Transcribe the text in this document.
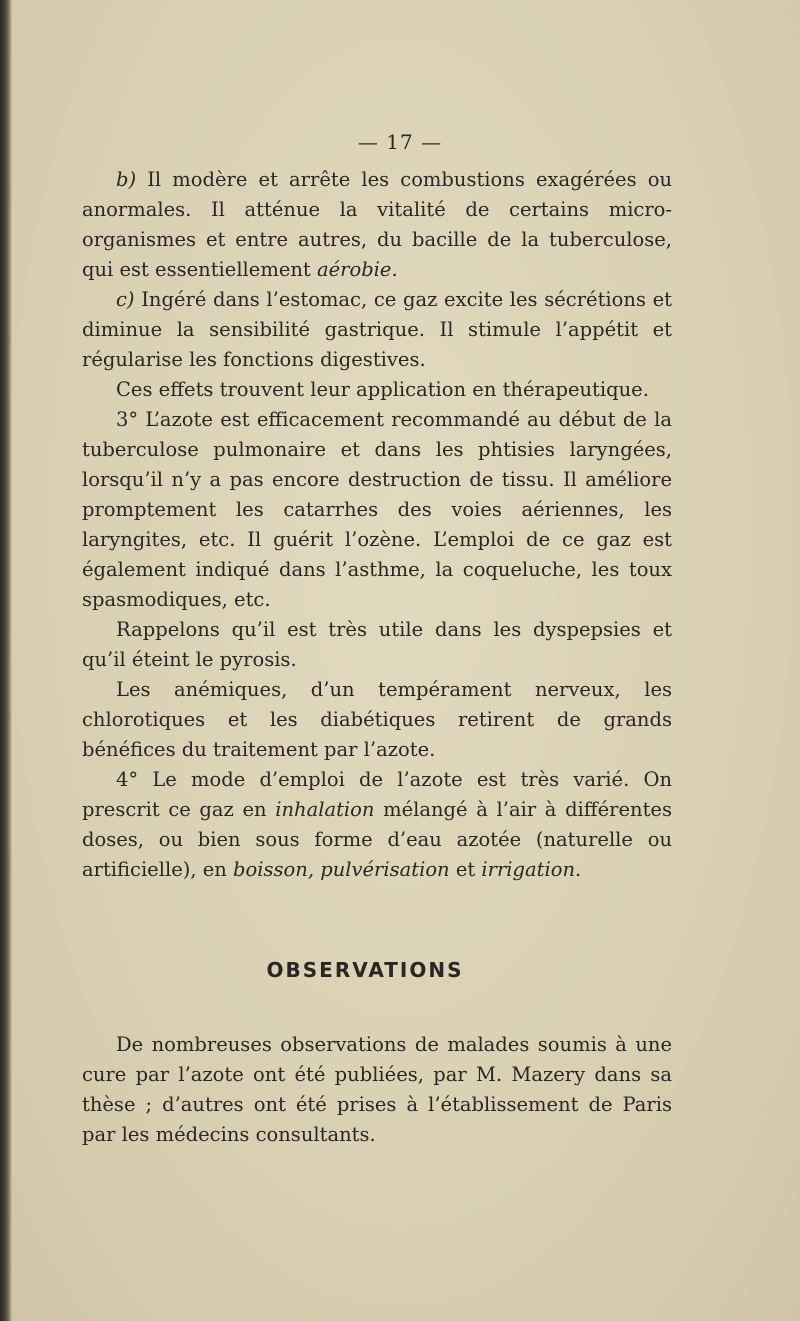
— 17 —

b) Il modère et arrête les combustions exagérées ou anormales. Il atténue la vitalité de certains micro-organismes et entre autres, du bacille de la tuberculose, qui est essentiellement aérobie.

c) Ingéré dans l’estomac, ce gaz excite les sécrétions et diminue la sensibilité gastrique. Il stimule l’appétit et régularise les fonctions digestives.

Ces effets trouvent leur application en thérapeutique.

3° L’azote est efficacement recommandé au début de la tuberculose pulmonaire et dans les phtisies laryngées, lorsqu’il n’y a pas encore destruction de tissu. Il améliore promptement les catarrhes des voies aériennes, les laryngites, etc. Il guérit l’ozène. L’emploi de ce gaz est également indiqué dans l’asthme, la coqueluche, les toux spasmodiques, etc.

Rappelons qu’il est très utile dans les dyspepsies et qu’il éteint le pyrosis.

Les anémiques, d’un tempérament nerveux, les chlorotiques et les diabétiques retirent de grands bénéfices du traitement par l’azote.

4° Le mode d’emploi de l’azote est très varié. On prescrit ce gaz en inhalation mélangé à l’air à différentes doses, ou bien sous forme d’eau azotée (naturelle ou artificielle), en boisson, pulvérisation et irrigation.

OBSERVATIONS

De nombreuses observations de malades soumis à une cure par l’azote ont été publiées, par M. Mazery dans sa thèse ; d’autres ont été prises à l’établissement de Paris par les médecins consultants.
